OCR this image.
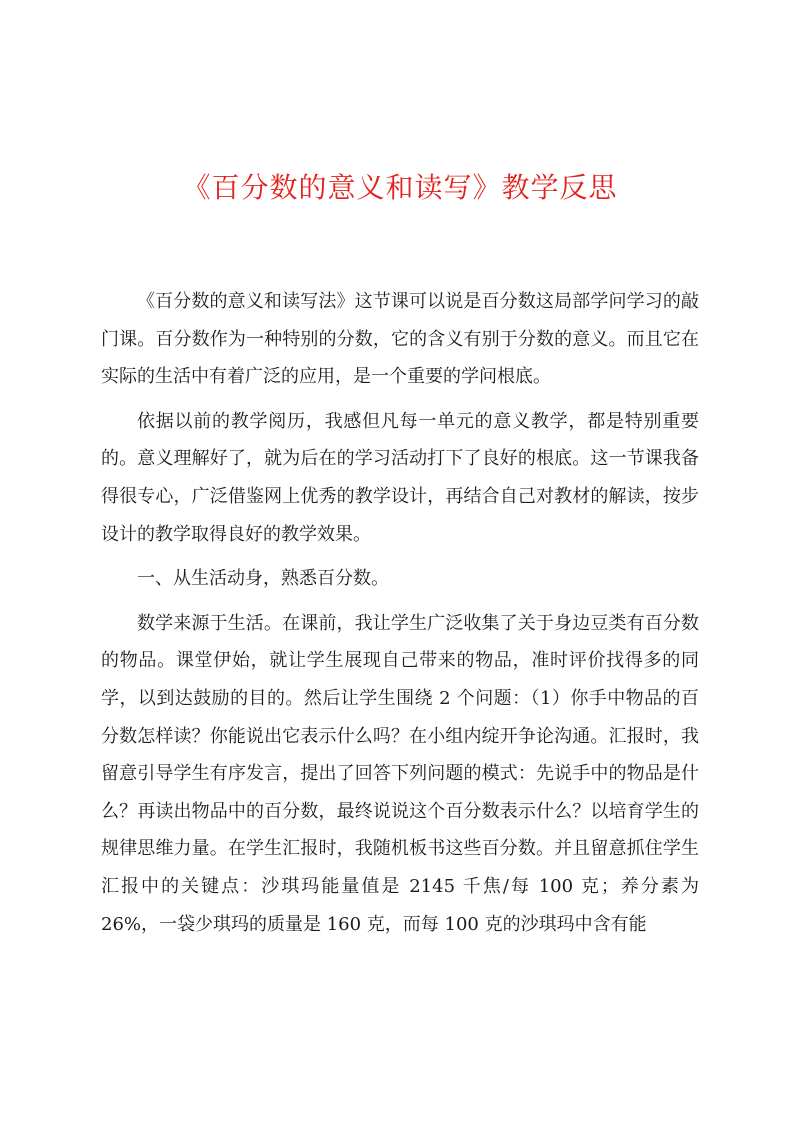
《百分数的意义和读写》教学反思

《百分数的意义和读写法》这节课可以说是百分数这局部学问学习的敲门课。百分数作为一种特别的分数，它的含义有别于分数的意义。而且它在实际的生活中有着广泛的应用，是一个重要的学问根底。

依据以前的教学阅历，我感但凡每一单元的意义教学，都是特别重要的。意义理解好了，就为后在的学习活动打下了良好的根底。这一节课我备得很专心，广泛借鉴网上优秀的教学设计，再结合自己对教材的解读，按步设计的教学取得良好的教学效果。

一、从生活动身，熟悉百分数。

数学来源于生活。在课前，我让学生广泛收集了关于身边豆类有百分数的物品。课堂伊始，就让学生展现自己带来的物品，准时评价找得多的同学，以到达鼓励的目的。然后让学生围绕 2 个问题：（1）你手中物品的百分数怎样读？你能说出它表示什么吗？在小组内绽开争论沟通。汇报时，我留意引导学生有序发言，提出了回答下列问题的模式：先说手中的物品是什么？再读出物品中的百分数，最终说说这个百分数表示什么？以培育学生的规律思维力量。在学生汇报时，我随机板书这些百分数。并且留意抓住学生汇报中的关键点：沙琪玛能量值是 2145 千焦/每 100 克；养分素为 26%，一袋少琪玛的质量是 160 克，而每 100 克的沙琪玛中含有能
